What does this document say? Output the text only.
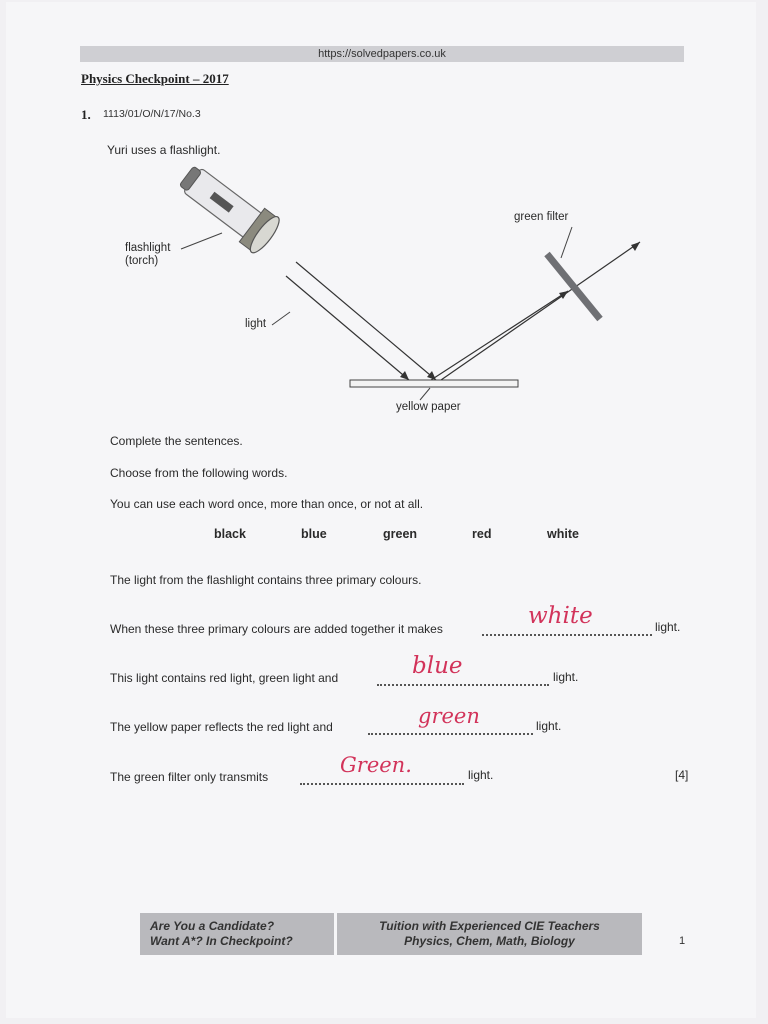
https://solvedpapers.co.uk
Physics Checkpoint – 2017
1. 1113/01/O/N/17/No.3
Yuri uses a flashlight.
flashlight
(torch)
light
green filter
yellow paper
Complete the sentences.
Choose from the following words.
You can use each word once, more than once, or not at all.
black	blue	green	red	white
The light from the flashlight contains three primary colours.
When these three primary colours are added together it makes	white	light.
This light contains red light, green light and	blue	light.
The yellow paper reflects the red light and	green	light.
The green filter only transmits	Green.	light.	[4]
Are You a Candidate?
Want A*? In Checkpoint?
Tuition with Experienced CIE Teachers
Physics, Chem, Math, Biology	1
